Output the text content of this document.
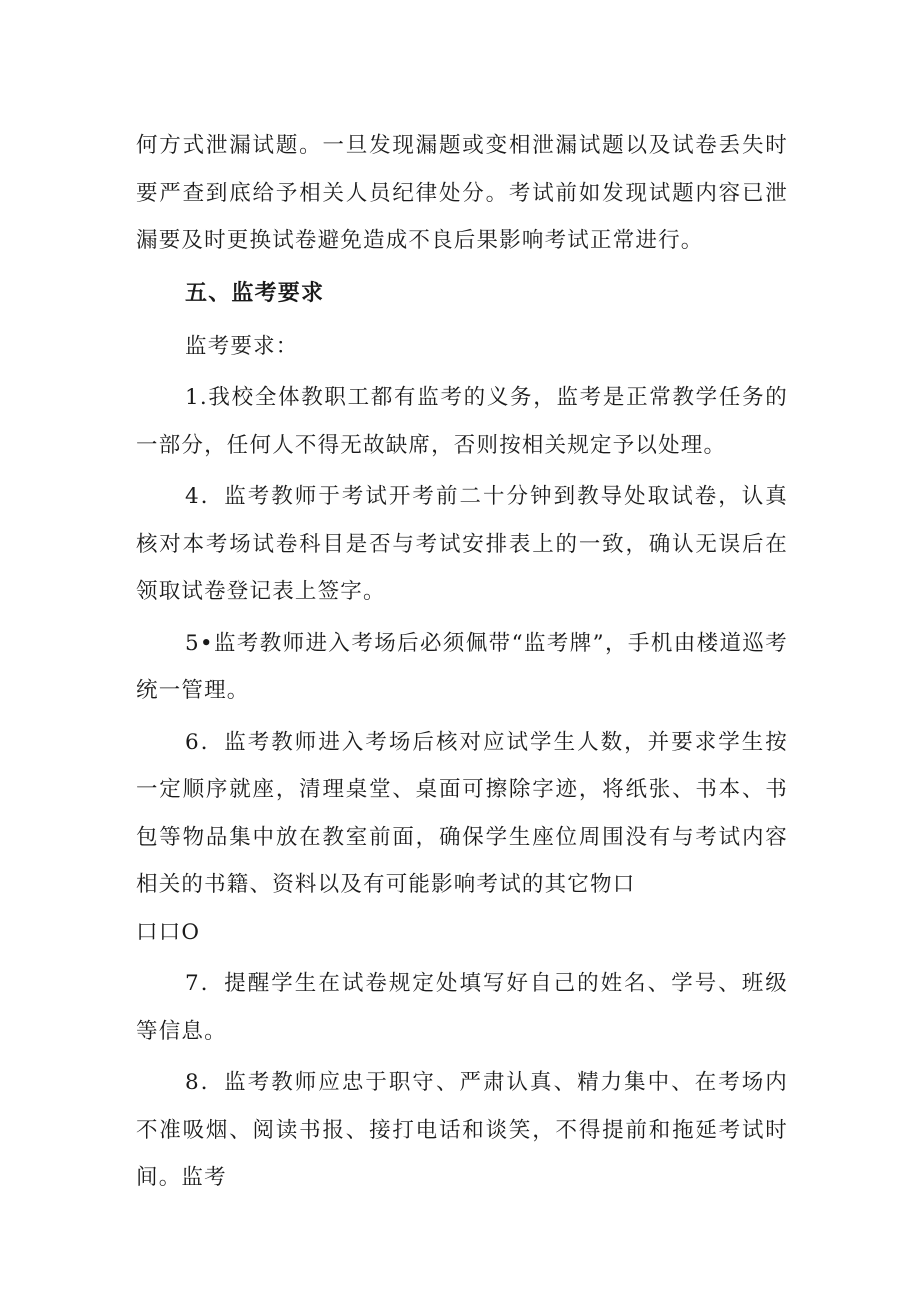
何方式泄漏试题。一旦发现漏题或变相泄漏试题以及试卷丢失时要严查到底给予相关人员纪律处分。考试前如发现试题内容已泄漏要及时更换试卷避免造成不良后果影响考试正常进行。

五、监考要求

监考要求：

1.我校全体教职工都有监考的义务，监考是正常教学任务的一部分，任何人不得无故缺席，否则按相关规定予以处理。

4．监考教师于考试开考前二十分钟到教导处取试卷，认真核对本考场试卷科目是否与考试安排表上的一致，确认无误后在领取试卷登记表上签字。

5•监考教师进入考场后必须佩带“监考牌”，手机由楼道巡考统一管理。

6．监考教师进入考场后核对应试学生人数，并要求学生按一定顺序就座，清理桌堂、桌面可擦除字迹，将纸张、书本、书包等物品集中放在教室前面，确保学生座位周围没有与考试内容相关的书籍、资料以及有可能影响考试的其它物口

口口O

7．提醒学生在试卷规定处填写好自己的姓名、学号、班级等信息。

8．监考教师应忠于职守、严肃认真、精力集中、在考场内不准吸烟、阅读书报、接打电话和谈笑，不得提前和拖延考试时间。监考
